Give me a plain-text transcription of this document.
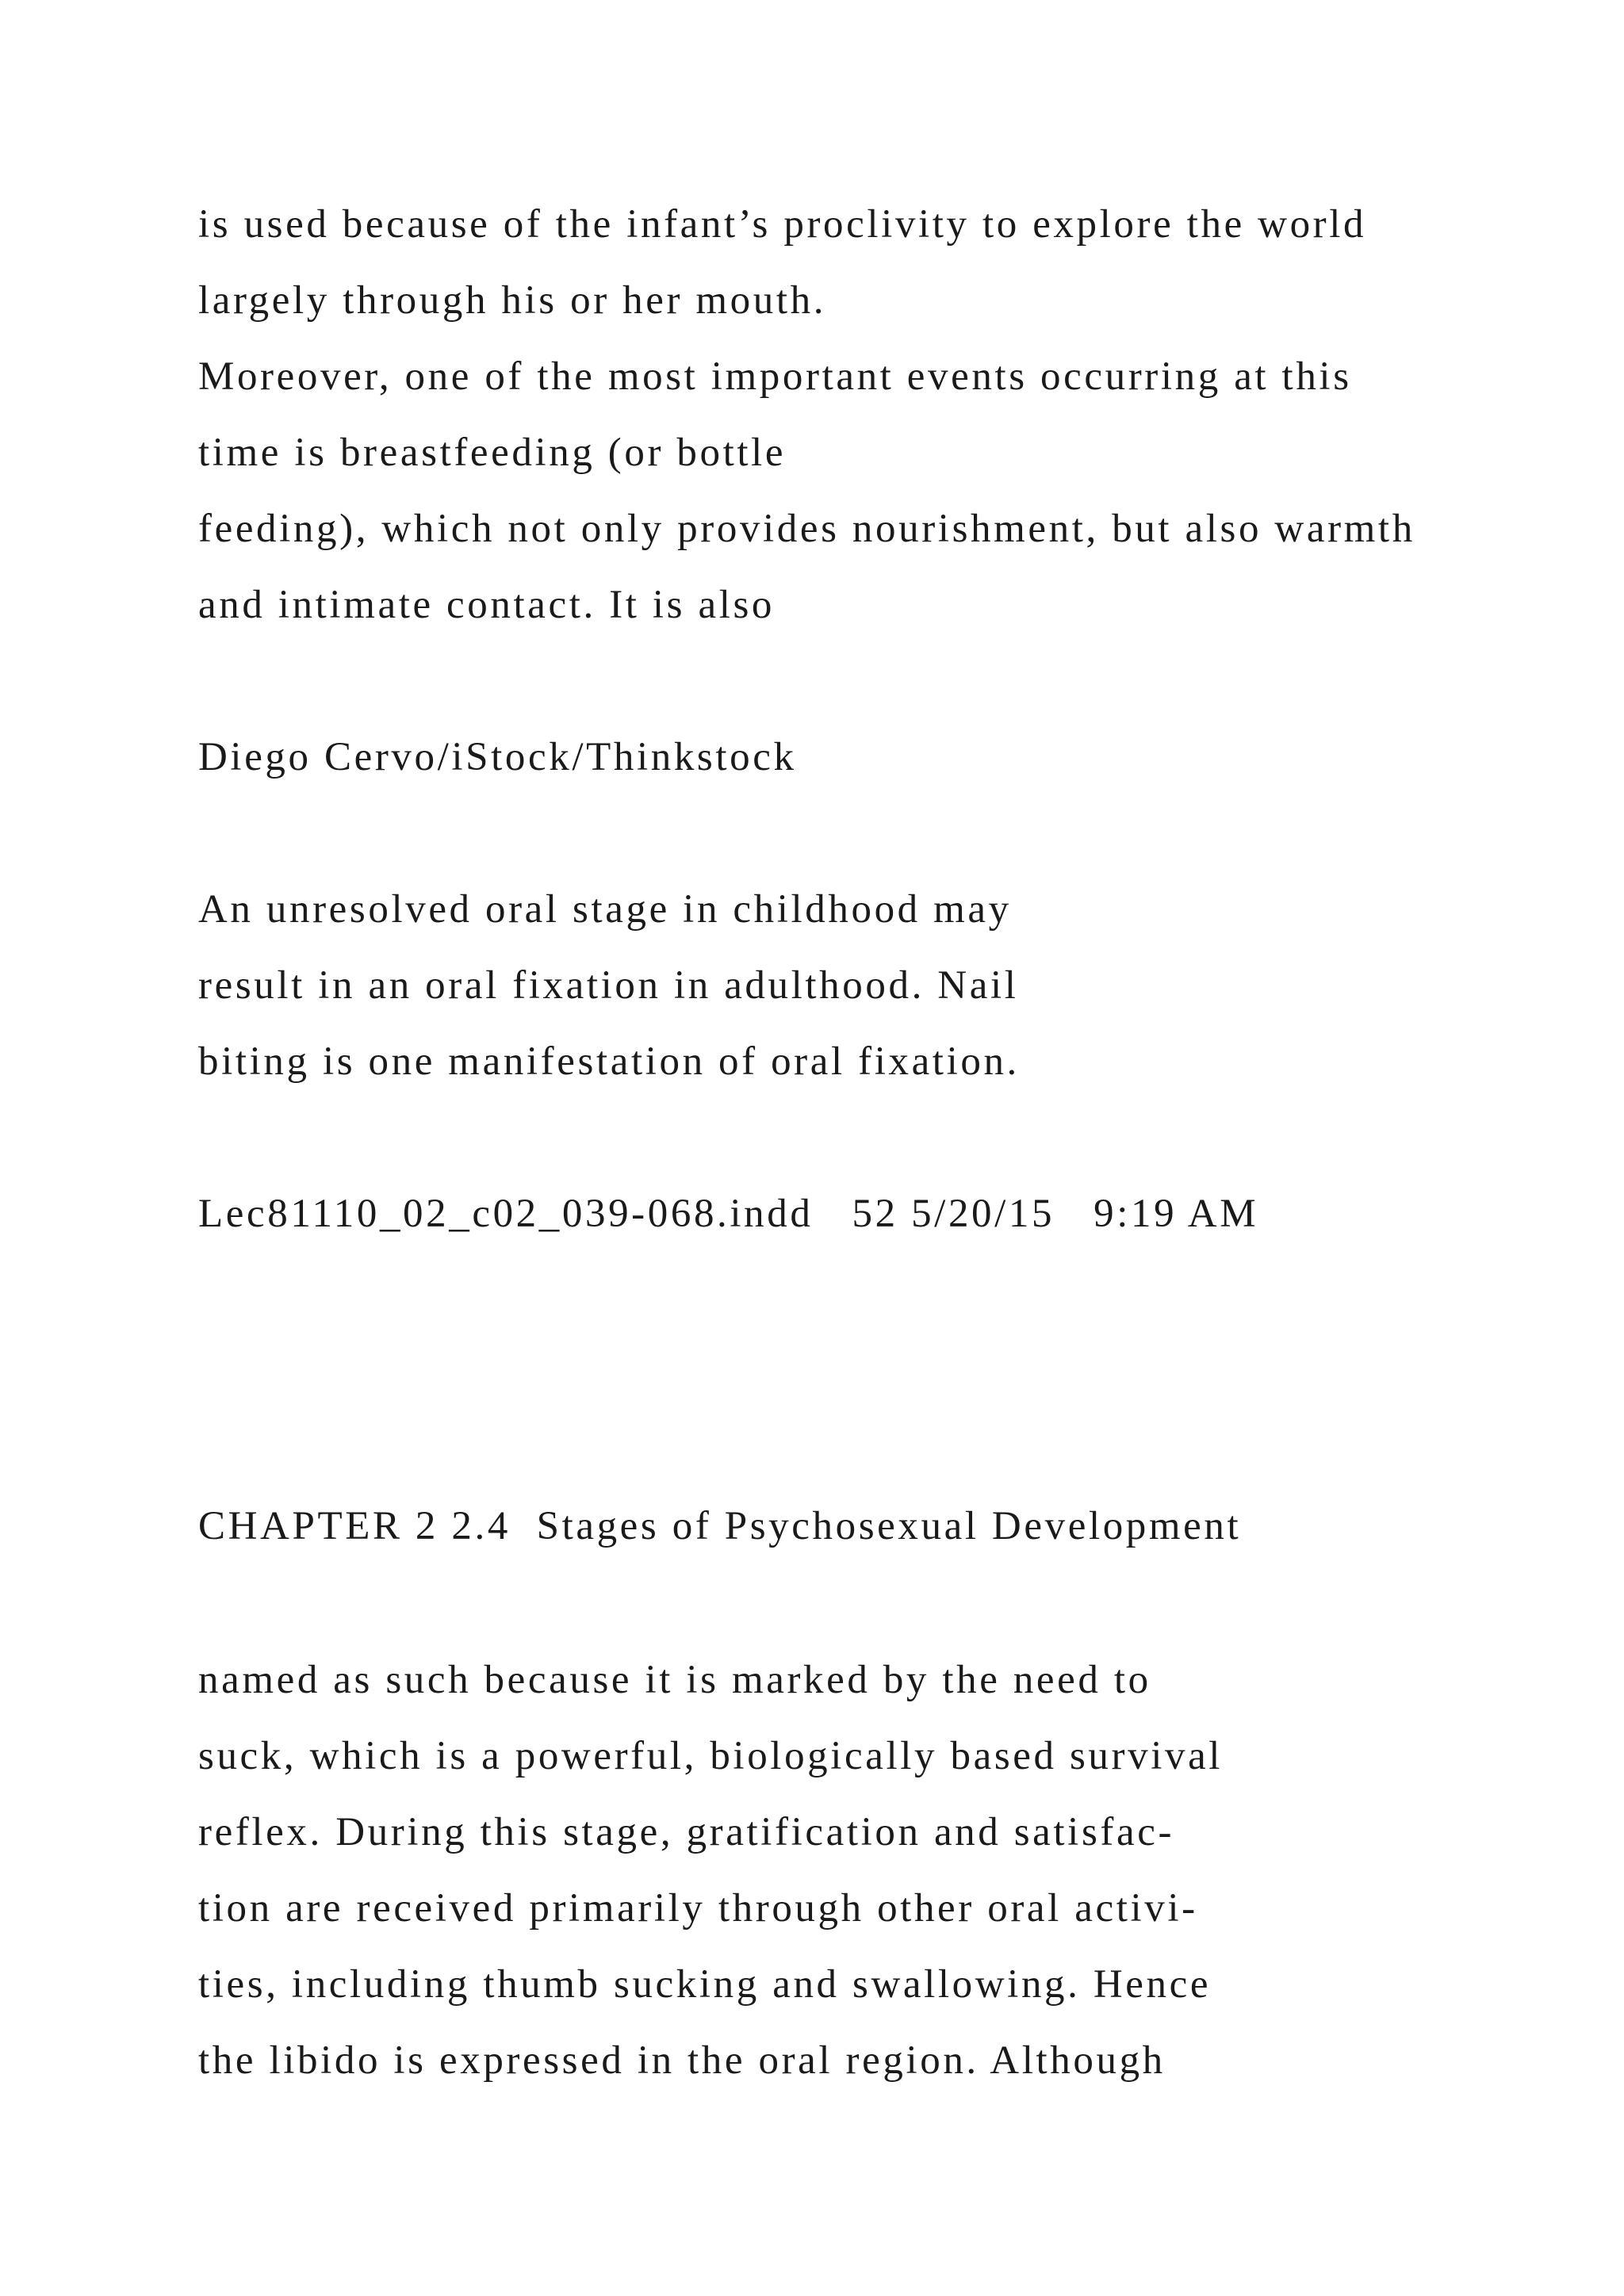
is used because of the infant’s proclivity to explore the world

largely through his or her mouth.

Moreover, one of the most important events occurring at this

time is breastfeeding (or bottle

feeding), which not only provides nourishment, but also warmth

and intimate contact. It is also

Diego Cervo/iStock/Thinkstock

An unresolved oral stage in childhood may

result in an oral fixation in adulthood. Nail

biting is one manifestation of oral fixation.

Lec81110_02_c02_039-068.indd   52 5/20/15   9:19 AM

CHAPTER 2 2.4  Stages of Psychosexual Development

named as such because it is marked by the need to

suck, which is a powerful, biologically based survival

reflex. During this stage, gratification and satisfac-

tion are received primarily through other oral activi-

ties, including thumb sucking and swallowing. Hence

the libido is expressed in the oral region. Although
